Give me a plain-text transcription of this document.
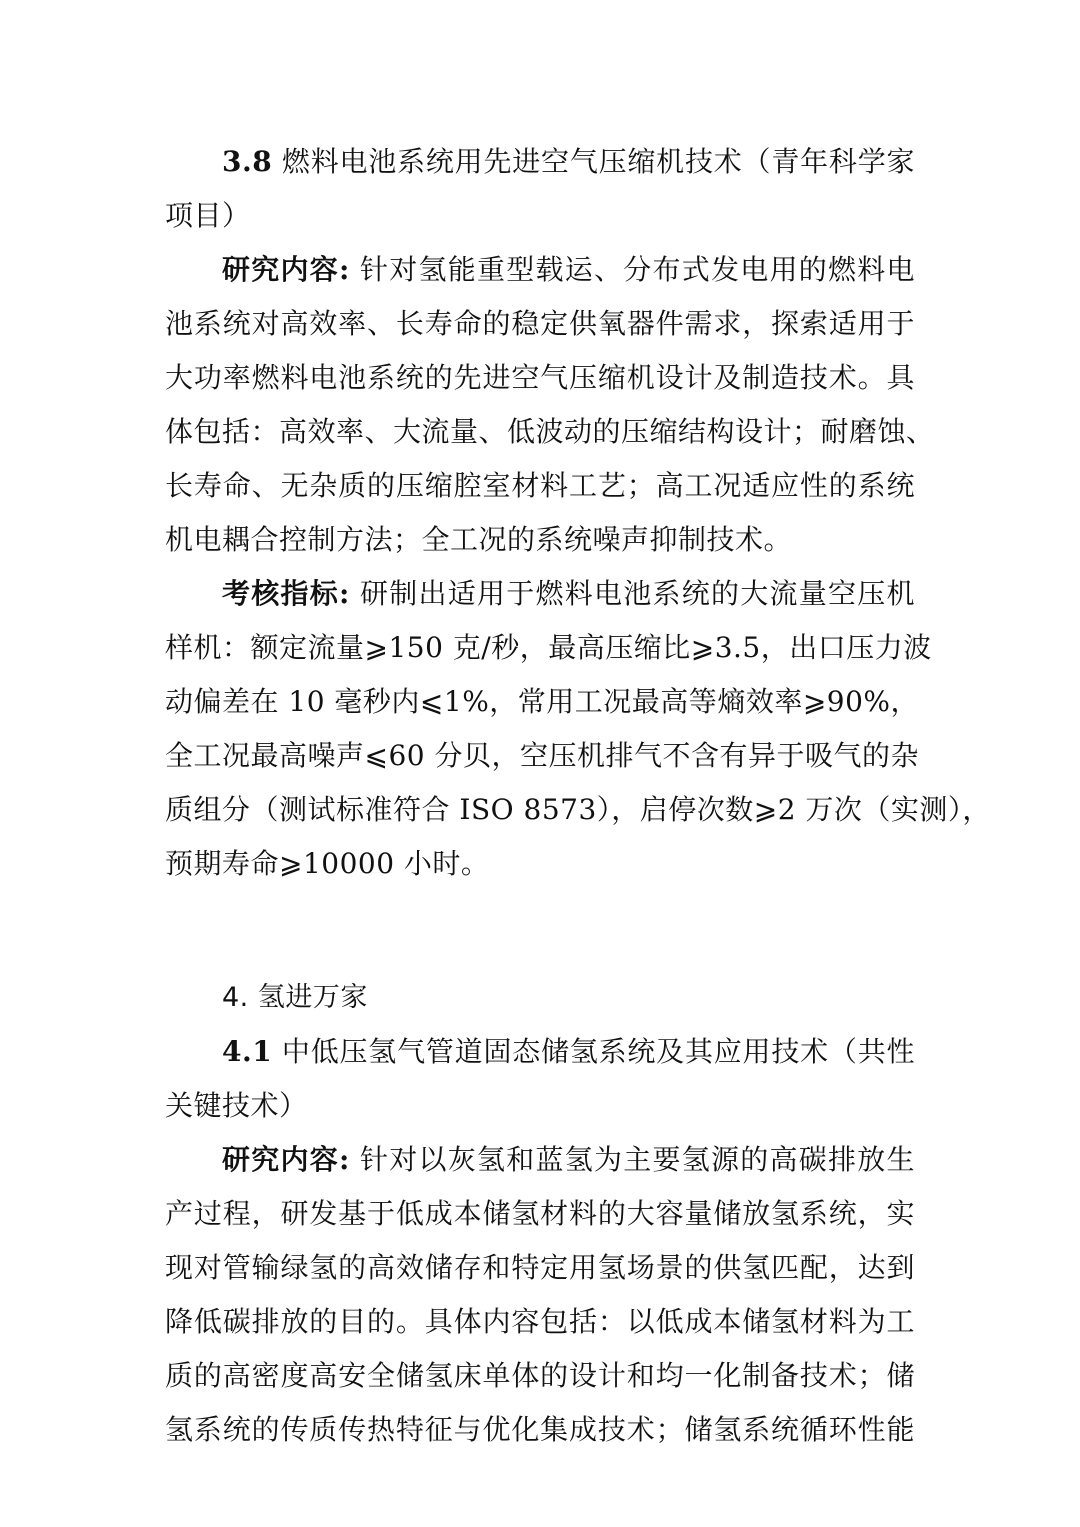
3.8 燃料电池系统用先进空气压缩机技术（青年科学家
项目）
研究内容: 针对氢能重型载运、分布式发电用的燃料电
池系统对高效率、长寿命的稳定供氧器件需求，探索适用于
大功率燃料电池系统的先进空气压缩机设计及制造技术。具
体包括：高效率、大流量、低波动的压缩结构设计；耐磨蚀、
长寿命、无杂质的压缩腔室材料工艺；高工况适应性的系统
机电耦合控制方法；全工况的系统噪声抑制技术。
考核指标: 研制出适用于燃料电池系统的大流量空压机
样机：额定流量⩾150 克/秒，最高压缩比⩾3.5，出口压力波
动偏差在 10 毫秒内⩽1%，常用工况最高等熵效率⩾90%，
全工况最高噪声⩽60 分贝，空压机排气不含有异于吸气的杂
质组分（测试标准符合 ISO 8573），启停次数⩾2 万次（实测），
预期寿命⩾10000 小时。
4. 氢进万家
4.1 中低压氢气管道固态储氢系统及其应用技术（共性
关键技术）
研究内容: 针对以灰氢和蓝氢为主要氢源的高碳排放生
产过程，研发基于低成本储氢材料的大容量储放氢系统，实
现对管输绿氢的高效储存和特定用氢场景的供氢匹配，达到
降低碳排放的目的。具体内容包括：以低成本储氢材料为工
质的高密度高安全储氢床单体的设计和均一化制备技术；储
氢系统的传质传热特征与优化集成技术；储氢系统循环性能
